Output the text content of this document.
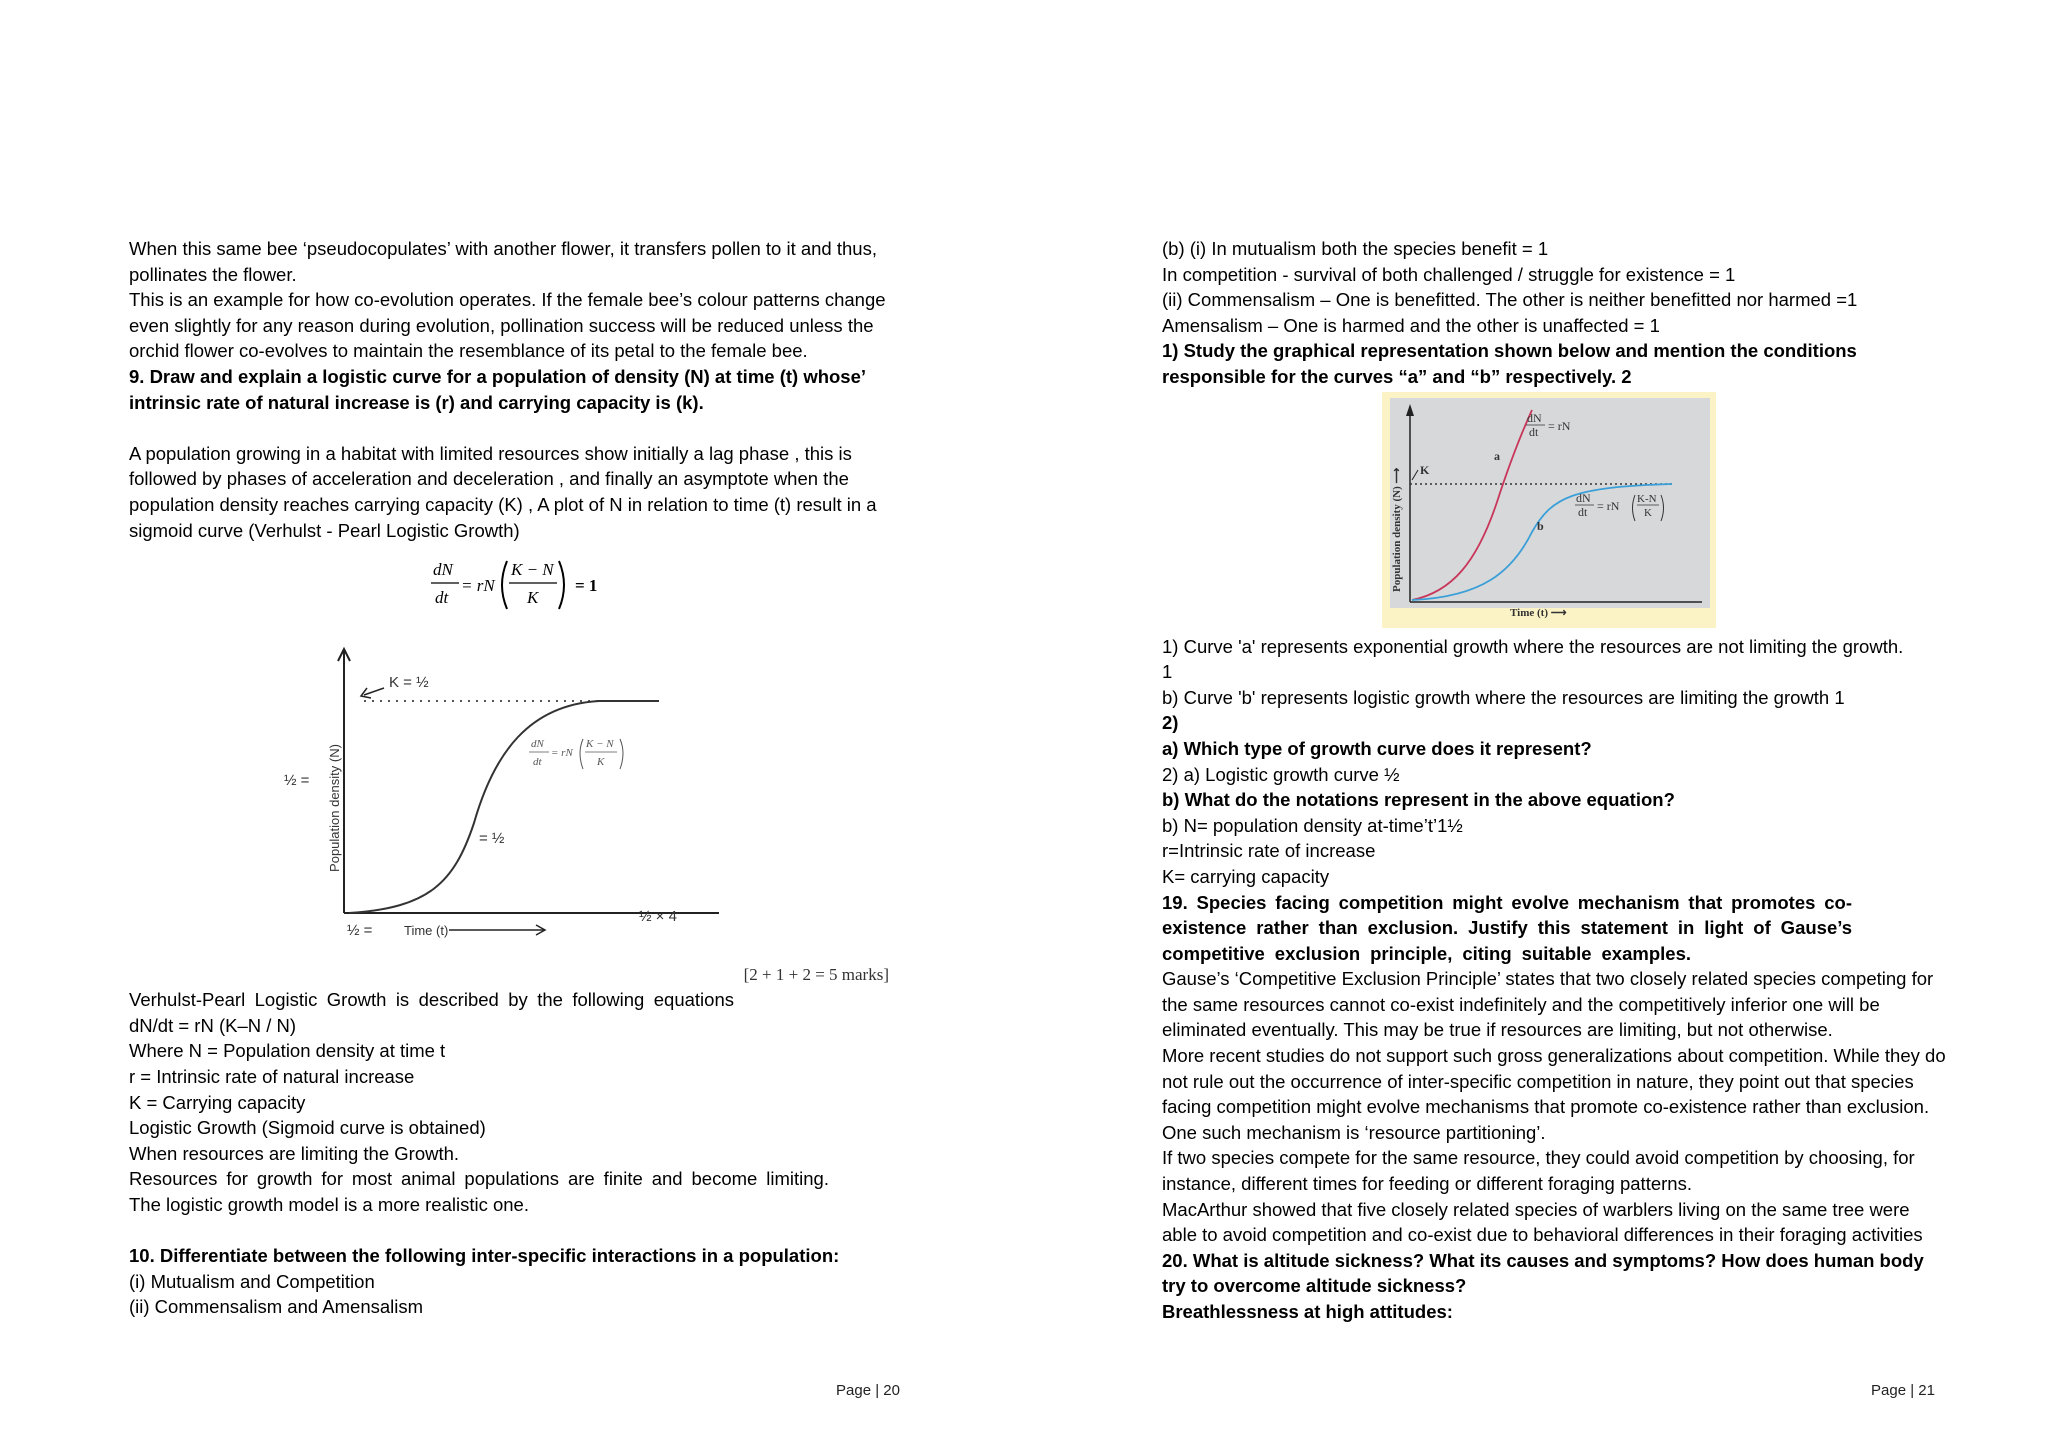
When this same bee ‘pseudocopulates’ with another flower, it transfers pollen to it and thus,

pollinates the flower.

This is an example for how co-evolution operates. If the female bee’s colour patterns change

even slightly for any reason during evolution, pollination success will be reduced unless the

orchid flower co-evolves to maintain the resemblance of its petal to the female bee.

9. Draw and explain a logistic curve for a population of density (N) at time (t) whose’

intrinsic rate of natural increase is (r) and carrying capacity is (k).

A population growing in a habitat with limited resources show initially a lag phase , this is

followed by phases of acceleration and deceleration , and finally an asymptote when the

population density reaches carrying capacity (K) , A plot of N in relation to time (t) result in a

sigmoid curve (Verhulst - Pearl Logistic Growth)

dN
dt
= rN
K − N
K
= 1
K = ½
Population density (N)
½ =
½ = Time (t)
= ½
½ × 4
dN
dt
= rN
K − N
K

[2 + 1 + 2 = 5 marks]

Verhulst-Pearl Logistic Growth is described by the following equations

dN/dt = rN (K–N / N)

Where N = Population density at time t

r = Intrinsic rate of natural increase

K = Carrying capacity

Logistic Growth (Sigmoid curve is obtained)

When resources are limiting the Growth.

Resources for growth for most animal populations are finite and become limiting.

The logistic growth model is a more realistic one.

10. Differentiate between the following inter-specific interactions in a population:

(i) Mutualism and Competition

(ii) Commensalism and Amensalism

(b) (i) In mutualism both the species benefit = 1

In competition - survival of both challenged / struggle for existence = 1

(ii) Commensalism – One is benefitted. The other is neither benefitted nor harmed =1

Amensalism – One is harmed and the other is unaffected = 1

1) Study the graphical representation shown below and mention the conditions

responsible for the curves “a” and “b” respectively. 2

Population density (N) ⟶
Time (t) ⟶
K
a
b
dN
dt = rN
dN
dt = rN K-N
K

1) Curve 'a' represents exponential growth where the resources are not limiting the growth.

1

b) Curve 'b' represents logistic growth where the resources are limiting the growth 1

2)

a) Which type of growth curve does it represent?

2) a) Logistic growth curve ½

b) What do the notations represent in the above equation?

b) N= population density at-time’t’1½

r=Intrinsic rate of increase

K= carrying capacity

19. Species facing competition might evolve mechanism that promotes co-

existence rather than exclusion. Justify this statement in light of Gause’s

competitive exclusion principle, citing suitable examples.

Gause’s ‘Competitive Exclusion Principle’ states that two closely related species competing for

the same resources cannot co-exist indefinitely and the competitively inferior one will be

eliminated eventually. This may be true if resources are limiting, but not otherwise.

More recent studies do not support such gross generalizations about competition. While they do

not rule out the occurrence of inter-specific competition in nature, they point out that species

facing competition might evolve mechanisms that promote co-existence rather than exclusion.

One such mechanism is ‘resource partitioning’.

If two species compete for the same resource, they could avoid competition by choosing, for

instance, different times for feeding or different foraging patterns.

MacArthur showed that five closely related species of warblers living on the same tree were

able to avoid competition and co-exist due to behavioral differences in their foraging activities

20. What is altitude sickness? What its causes and symptoms? How does human body

try to overcome altitude sickness?

Breathlessness at high attitudes:

Page | 20	Page | 21
